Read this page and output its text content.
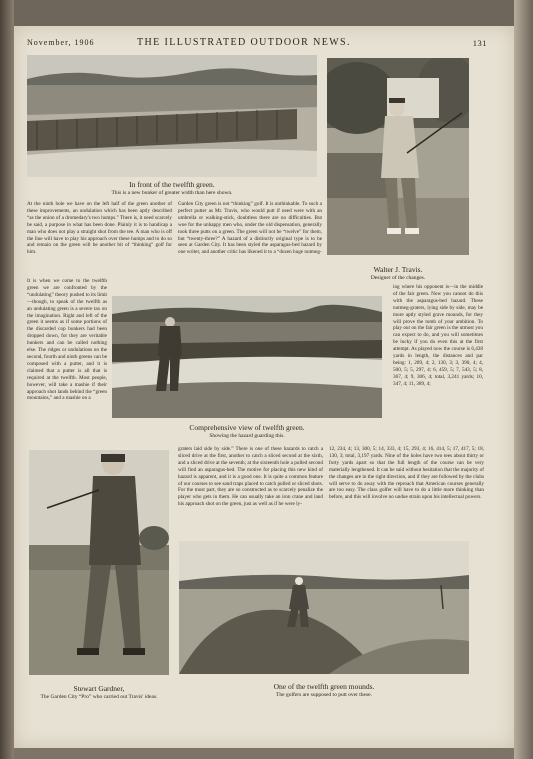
November, 1906	THE ILLUSTRATED OUTDOOR NEWS.	131
In front of the twelfth green.
This is a new bunker of greater width than here shown.
Walter J. Travis.
Designer of the changes.
At the ninth hole we have on the left half of the green another of these improvements, an undulation which has been aptly described “as the union of a dromedary's two humps.” There is, it need scarcely be said, a purpose in what has been done. Plainly it is to handicap a man who does not play a straight shot from the tee. A man who is off the line will have to play his approach over these humps and to do so and remain on the green will be another bit of “thinking” golf for him.
Garden City green is not “thinking” golf. It is unthinkable. To such a perfect putter as Mr. Travis, who would putt if need were with an umbrella or walking-stick, doubtless there are no difficulties. But woe for the unhappy men who, under the old dispensation, generally took three putts on a green. The green will not be “twelve” for them, but “twenty-three?” A hazard of a distinctly original type is to be seen at Garden City. It has been styled the asparagus-bed hazard by one writer, and another critic has likened it to a “dozen huge nutmeg-
It is when we come to the twelfth green we are confronted by the “undulating” theory pushed to its limit—though, to speak of the twelfth as an undulating green is a severe tax on the imagination. Right and left of the green it seems as if some portions of the discarded cop bunkers had been dropped down, for they are veritable bunkers and can be called nothing else. The ridges or undulations on the second, fourth and ninth greens can be composed with a putter, and it is claimed that a putter is all that is required at the twelfth. Most people, however, will take a mashie if their approach shot lands behind the “green mountains,” and a mashie on a
Comprehensive view of twelfth green.
Showing the hazard guarding this.
ing where his opponent is—in the middle of the fair green. Now you cannot do this with the asparagus-bed hazard. These nutmeg-graters, lying side by side, may be more aptly styled grave mounds, for they will prove the tomb of your ambition. To play out on the fair green is the utmost you can expect to do, and you will sometimes be lucky if you do even this at the first attempt. As played now the course is 6,438 yards in length, the distances and par being: 1, 289, 4; 2, 130, 3; 3, 390, 4; 4, 500, 5; 5, 297, 4; 6, 459, 5; 7, 543, 5; 8, 367, 4; 9, 306, 4; total, 3,241 yards; 10, 347, 4; 11, 389, 4;
Stewart Gardner,
The Garden City “Pro” who carried out Travis' ideas.
graters laid side by side.” There is one of these hazards to catch a sliced drive at the first, another to catch a sliced second at the sixth, and a sliced drive at the seventh; at the sixteenth hole a pulled second will find an asparagus-bed. The motive for placing this new kind of hazard is apparent, and it is a good one. It is quite a common feature of our courses to see sand traps placed to catch pulled or sliced shots. For the most part, they are so constructed as to scarcely penalize the player who gets in them. He can usually take an iron crane and land his approach shot on the green, just as well as if he were ly-
12, 234, 4; 13, 300, 5; 14, 333, 4; 15, 293, 4; 16, 414, 5; 17, 417, 5; 18, 130, 3; total, 3,197 yards. Nine of the holes have two tees about thirty or forty yards apart so that the full length of the course can be very materially lengthened. It can be said without hesitation that the majority of the changes are in the right direction, and if they are followed by the clubs will serve to do away with the reproach that American courses generally are too easy. The class golfer will have to do a little more thinking than before, and this will involve no undue strain upon his intellectual powers.
One of the twelfth green mounds.
The golfers are supposed to putt over these.
